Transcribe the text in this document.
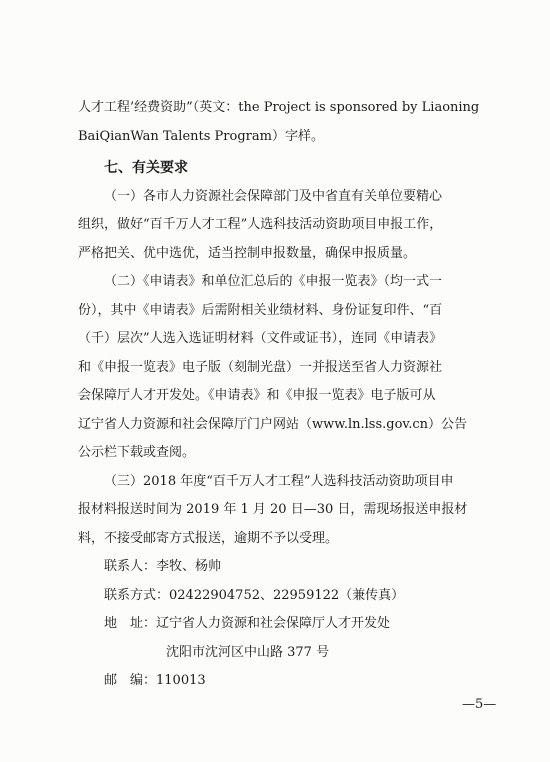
人才工程’经费资助”（英文：the Project is sponsored by Liaoning
BaiQianWan Talents Program）字样。
七、有关要求
（一）各市人力资源社会保障部门及中省直有关单位要精心
组织，做好“百千万人才工程”人选科技活动资助项目申报工作，
严格把关、优中选优，适当控制申报数量，确保申报质量。
（二）《申请表》和单位汇总后的《申报一览表》（均一式一
份），其中《申请表》后需附相关业绩材料、身份证复印件、“百
（千）层次”人选入选证明材料（文件或证书），连同《申请表》
和《申报一览表》电子版（刻制光盘）一并报送至省人力资源社
会保障厅人才开发处。《申请表》和《申报一览表》电子版可从
辽宁省人力资源和社会保障厅门户网站（www.ln.lss.gov.cn）公告
公示栏下载或查阅。
（三）2018 年度“百千万人才工程”人选科技活动资助项目申
报材料报送时间为 2019 年 1 月 20 日—30 日，需现场报送申报材
料，不接受邮寄方式报送，逾期不予以受理。
联系人：李牧、杨帅
联系方式：02422904752、22959122（兼传真）
地　址：辽宁省人力资源和社会保障厅人才开发处
沈阳市沈河区中山路 377 号
邮　编：110013
—5—
